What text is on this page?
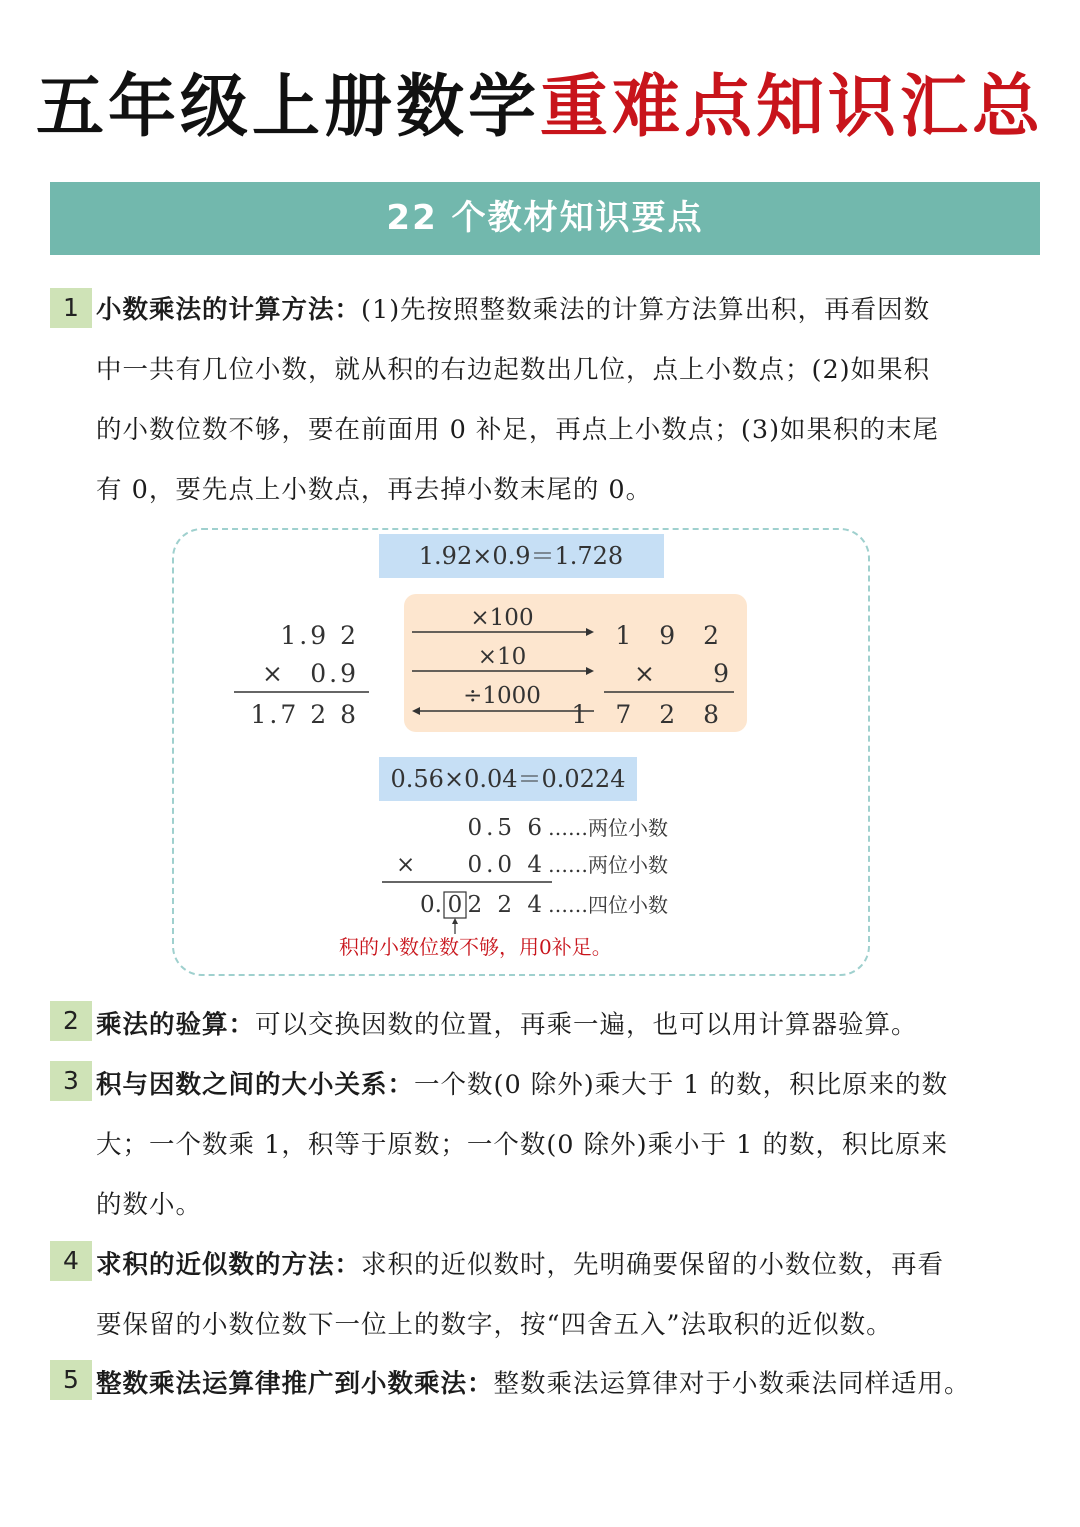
五年级上册数学重难点知识汇总
22 个教材知识要点
1 小数乘法的计算方法：(1)先按照整数乘法的计算方法算出积，再看因数
中一共有几位小数，就从积的右边起数出几位，点上小数点；(2)如果积
的小数位数不够，要在前面用 0 补足，再点上小数点；(3)如果积的末尾
有 0，要先点上小数点，再去掉小数末尾的 0。
1.92×0.9＝1.728
1.9 2
× 0.9
1.7 2 8
×100
×10
÷1000
1 9 2
× 9
1 7 2 8
0.56×0.04＝0.0224
0.5 6 ……两位小数
× 0.0 4 ……两位小数
0. 0 2 2 4 ……四位小数
积的小数位数不够，用0补足。
2 乘法的验算：可以交换因数的位置，再乘一遍，也可以用计算器验算。
3 积与因数之间的大小关系：一个数(0 除外)乘大于 1 的数，积比原来的数
大；一个数乘 1，积等于原数；一个数(0 除外)乘小于 1 的数，积比原来
的数小。
4 求积的近似数的方法：求积的近似数时，先明确要保留的小数位数，再看
要保留的小数位数下一位上的数字，按“四舍五入”法取积的近似数。
5 整数乘法运算律推广到小数乘法：整数乘法运算律对于小数乘法同样适用。
